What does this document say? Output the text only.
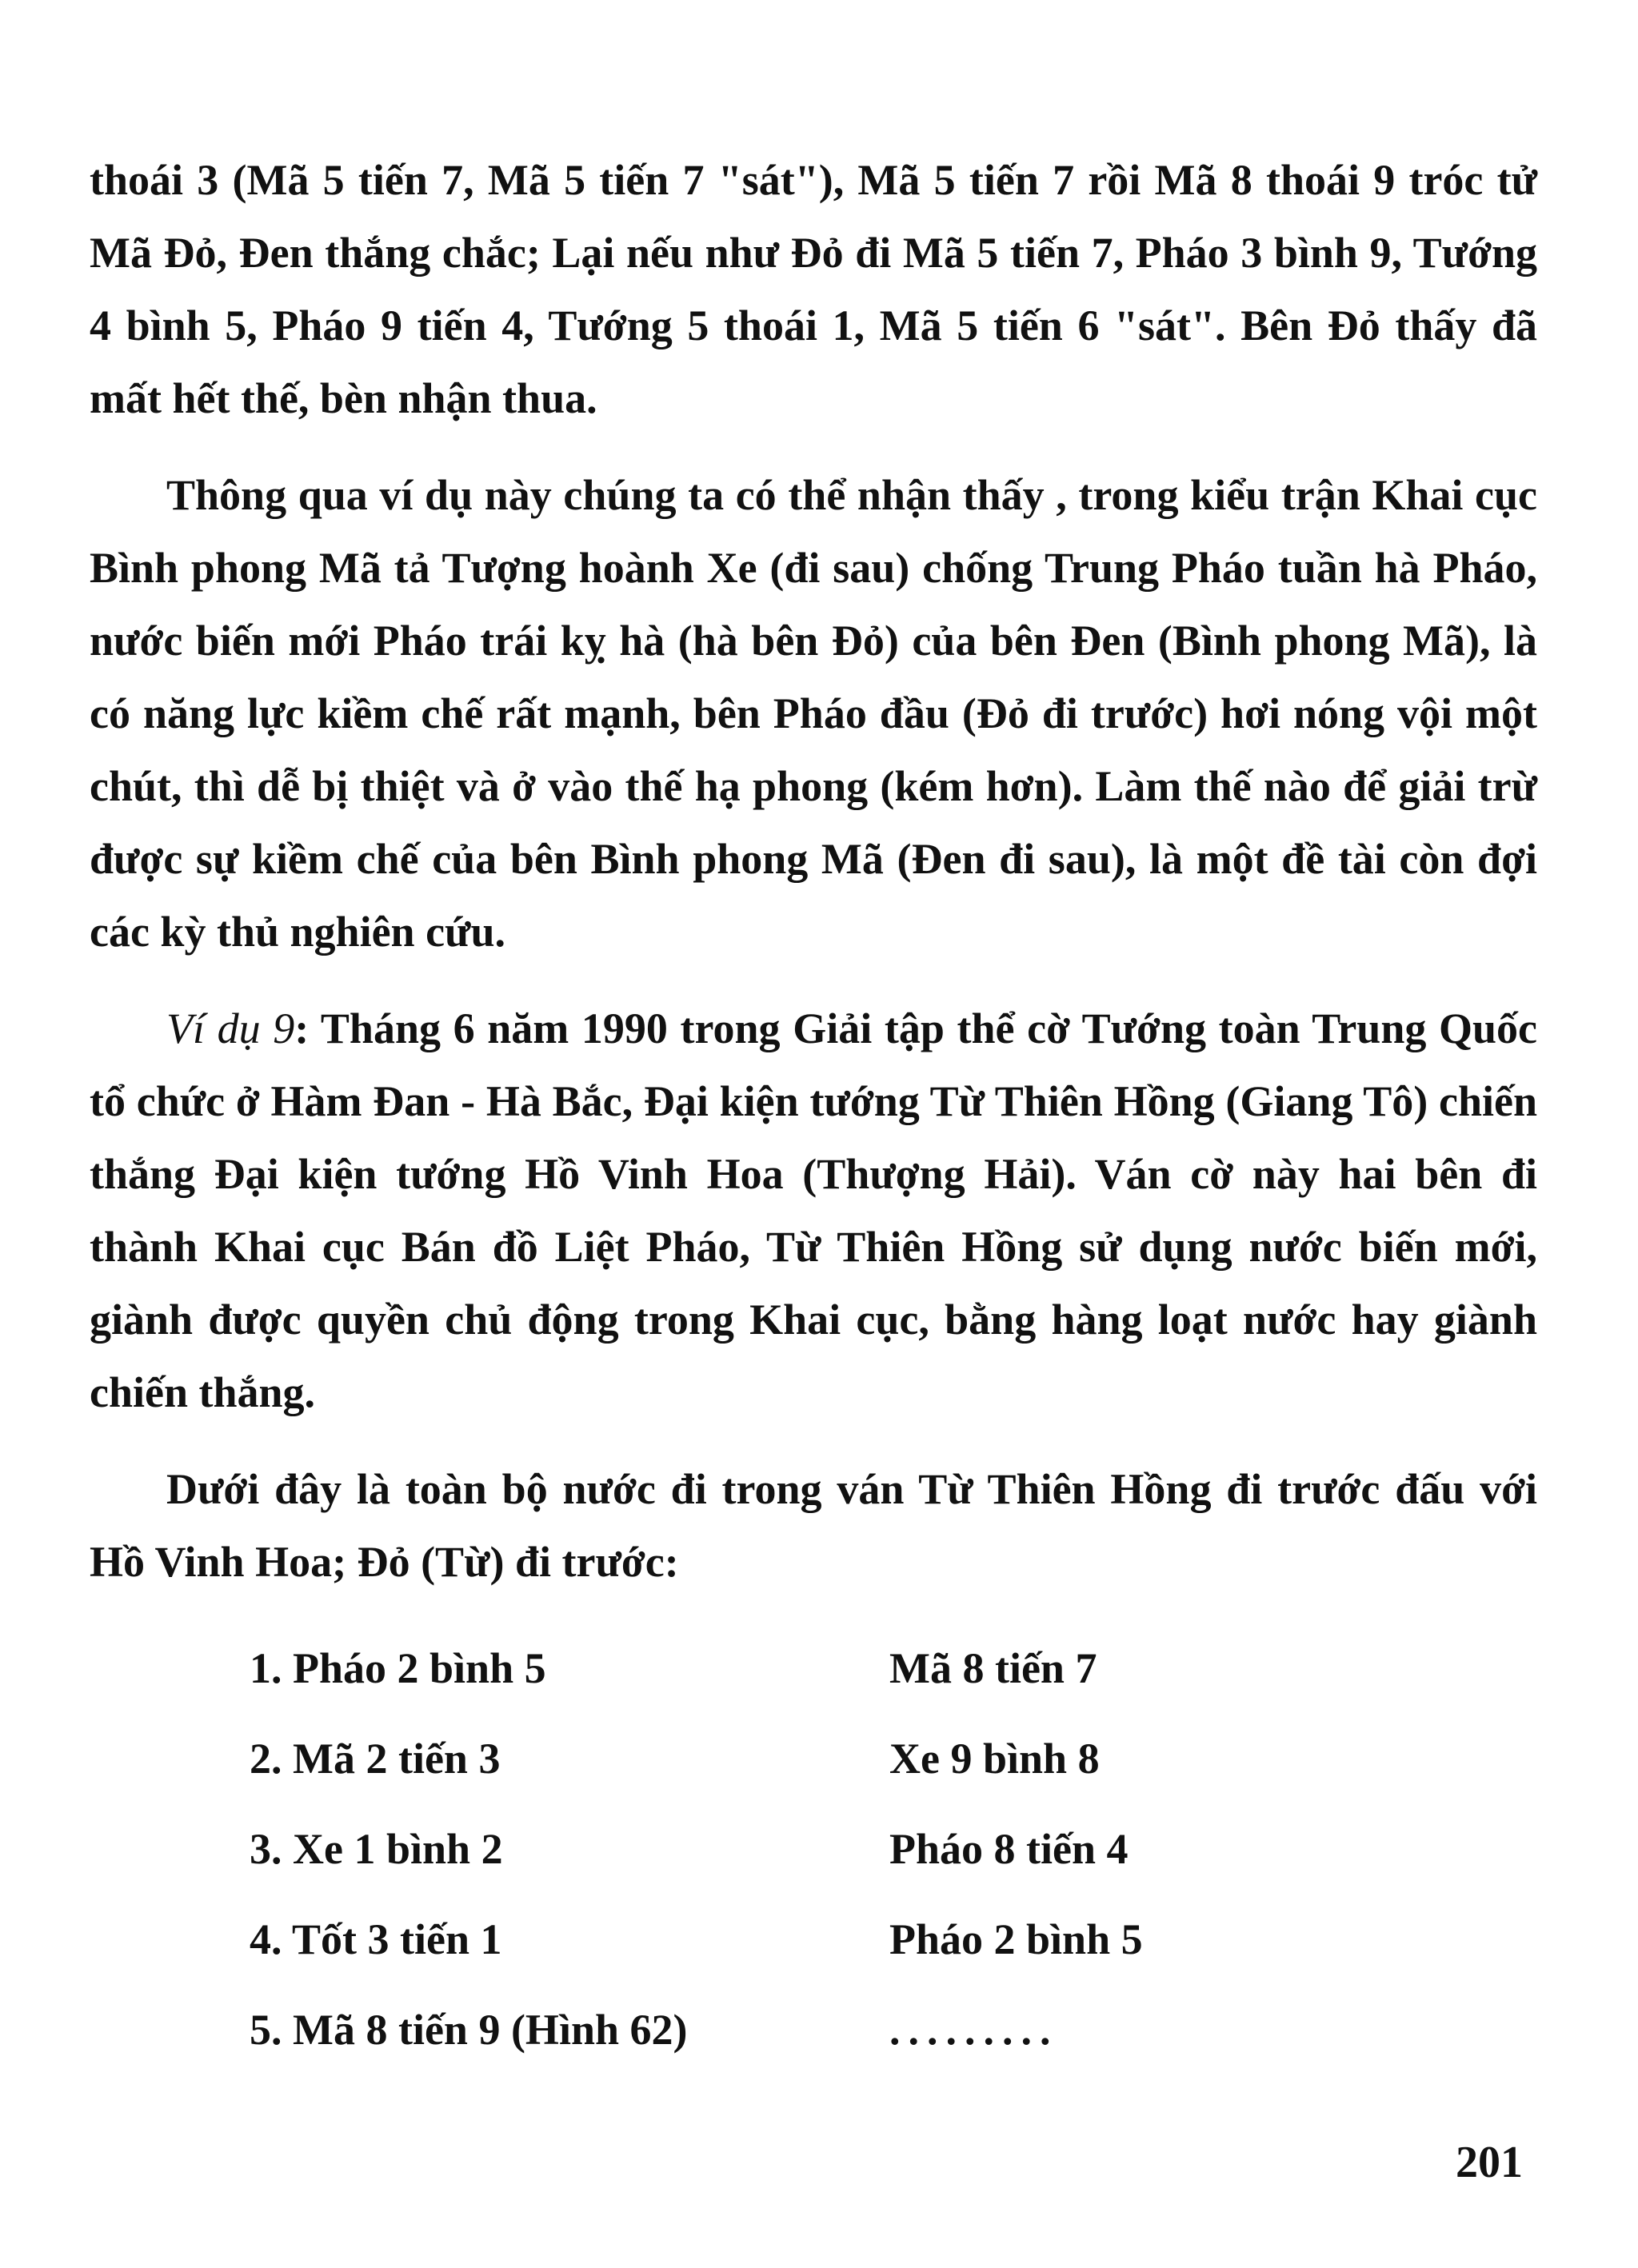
thoái 3 (Mã 5 tiến 7, Mã 5 tiến 7 "sát"), Mã 5 tiến 7 rồi Mã 8 thoái 9 tróc tử Mã Đỏ, Đen thắng chắc; Lại nếu như Đỏ đi Mã 5 tiến 7, Pháo 3 bình 9, Tướng 4 bình 5, Pháo 9 tiến 4, Tướng 5 thoái 1, Mã 5 tiến 6 "sát". Bên Đỏ thấy đã mất hết thế, bèn nhận thua.

Thông qua ví dụ này chúng ta có thể nhận thấy , trong kiểu trận Khai cục Bình phong Mã tả Tượng hoành Xe (đi sau) chống Trung Pháo tuần hà Pháo, nước biến mới Pháo trái kỵ hà (hà bên Đỏ) của bên Đen (Bình phong Mã), là có năng lực kiềm chế rất mạnh, bên Pháo đầu (Đỏ đi trước) hơi nóng vội một chút, thì dễ bị thiệt và ở vào thế hạ phong (kém hơn). Làm thế nào để giải trừ được sự kiềm chế của bên Bình phong Mã (Đen đi sau), là một đề tài còn đợi các kỳ thủ nghiên cứu.

Ví dụ 9: Tháng 6 năm 1990 trong Giải tập thể cờ Tướng toàn Trung Quốc tổ chức ở Hàm Đan - Hà Bắc, Đại kiện tướng Từ Thiên Hồng (Giang Tô) chiến thắng Đại kiện tướng Hồ Vinh Hoa (Thượng Hải). Ván cờ này hai bên đi thành Khai cục Bán đồ Liệt Pháo, Từ Thiên Hồng sử dụng nước biến mới, giành được quyền chủ động trong Khai cục, bằng hàng loạt nước hay giành chiến thắng.

Dưới đây là toàn bộ nước đi trong ván Từ Thiên Hồng đi trước đấu với Hồ Vinh Hoa; Đỏ (Từ) đi trước:

1. Pháo 2 bình 5	Mã 8 tiến 7
2. Mã 2 tiến 3	Xe 9 bình 8
3. Xe 1 bình 2	Pháo 8 tiến 4
4. Tốt 3 tiến 1	Pháo 2 bình 5
5. Mã 8 tiến 9 (Hình 62)	.........
201
